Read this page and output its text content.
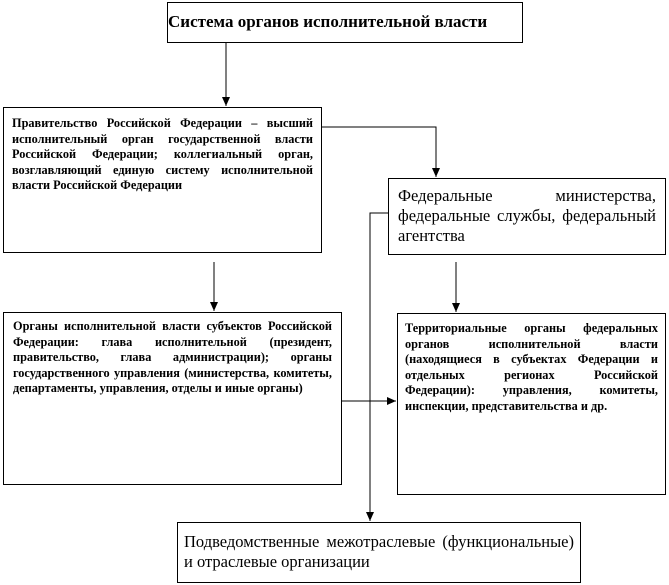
Система органов исполнительной власти
Правительство Российской Федерации – высший исполнительный орган государственной власти Российской Федерации; коллегиальный орган, возглавляющий единую систему исполнительной власти Российской Федерации
Федеральные министерства, федеральные службы, федеральный агентства
Органы исполнительной власти субъектов Российской Федерации: глава исполнительной (президент, правительство, глава администрации); органы государственного управления (министерства, комитеты, департаменты, управления, отделы и иные органы)
Территориальные органы федеральных органов исполнительной власти (находящиеся в субъектах Федерации и отдельных регионах Российской Федерации): управления, комитеты, инспекции, представительства и др.
Подведомственные межотраслевые (функциональные) и отраслевые организации
